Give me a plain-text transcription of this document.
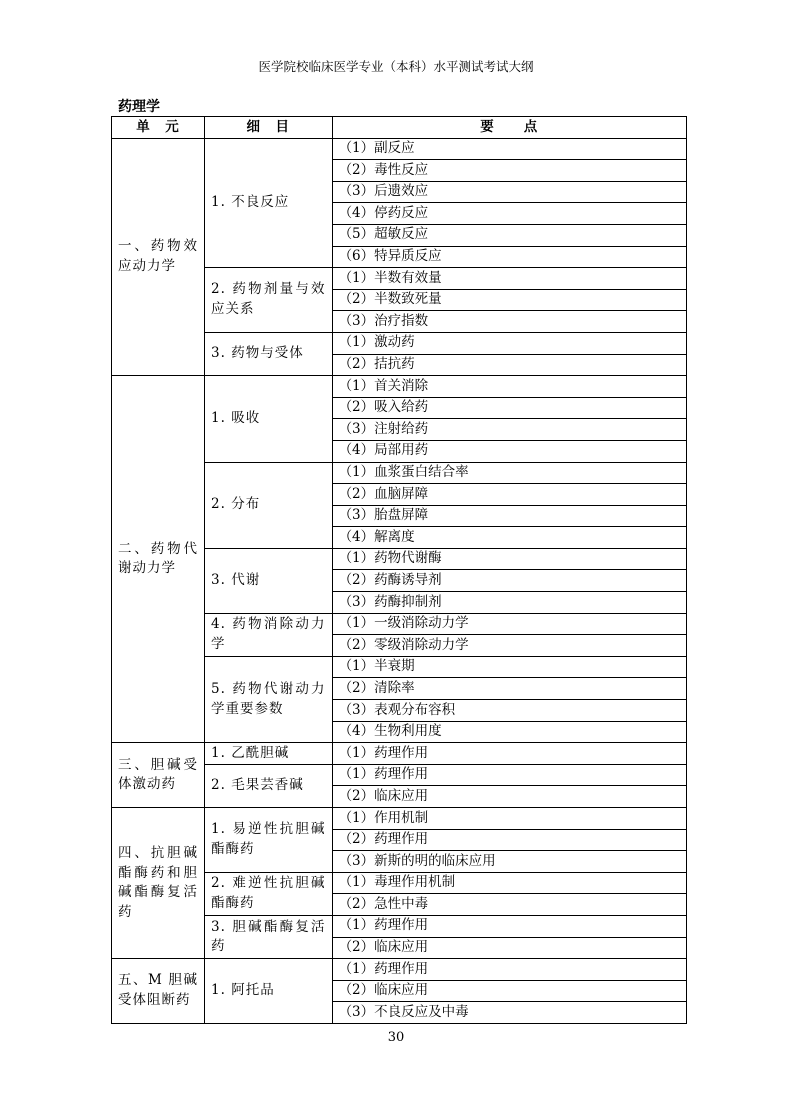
医学院校临床医学专业（本科）水平测试考试大纲
药理学
单　元	细　目	要　　点
一、药物效应动力学	1. 不良反应	（1）副反应
		（2）毒性反应
		（3）后遗效应
		（4）停药反应
		（5）超敏反应
		（6）特异质反应
	2. 药物剂量与效应关系	（1）半数有效量
		（2）半数致死量
		（3）治疗指数
	3. 药物与受体	（1）激动药
		（2）拮抗药
二、药物代谢动力学	1. 吸收	（1）首关消除
		（2）吸入给药
		（3）注射给药
		（4）局部用药
	2. 分布	（1）血浆蛋白结合率
		（2）血脑屏障
		（3）胎盘屏障
		（4）解离度
	3. 代谢	（1）药物代谢酶
		（2）药酶诱导剂
		（3）药酶抑制剂
	4. 药物消除动力学	（1）一级消除动力学
		（2）零级消除动力学
	5. 药物代谢动力学重要参数	（1）半衰期
		（2）清除率
		（3）表观分布容积
		（4）生物利用度
三、胆碱受体激动药	1. 乙酰胆碱	（1）药理作用
	2. 毛果芸香碱	（1）药理作用
		（2）临床应用
四、抗胆碱酯酶药和胆碱酯酶复活药	1. 易逆性抗胆碱酯酶药	（1）作用机制
		（2）药理作用
		（3）新斯的明的临床应用
	2. 难逆性抗胆碱酯酶药	（1）毒理作用机制
		（2）急性中毒
	3. 胆碱酯酶复活药	（1）药理作用
		（2）临床应用
五、M 胆碱受体阻断药	1. 阿托品	（1）药理作用
		（2）临床应用
		（3）不良反应及中毒
30
